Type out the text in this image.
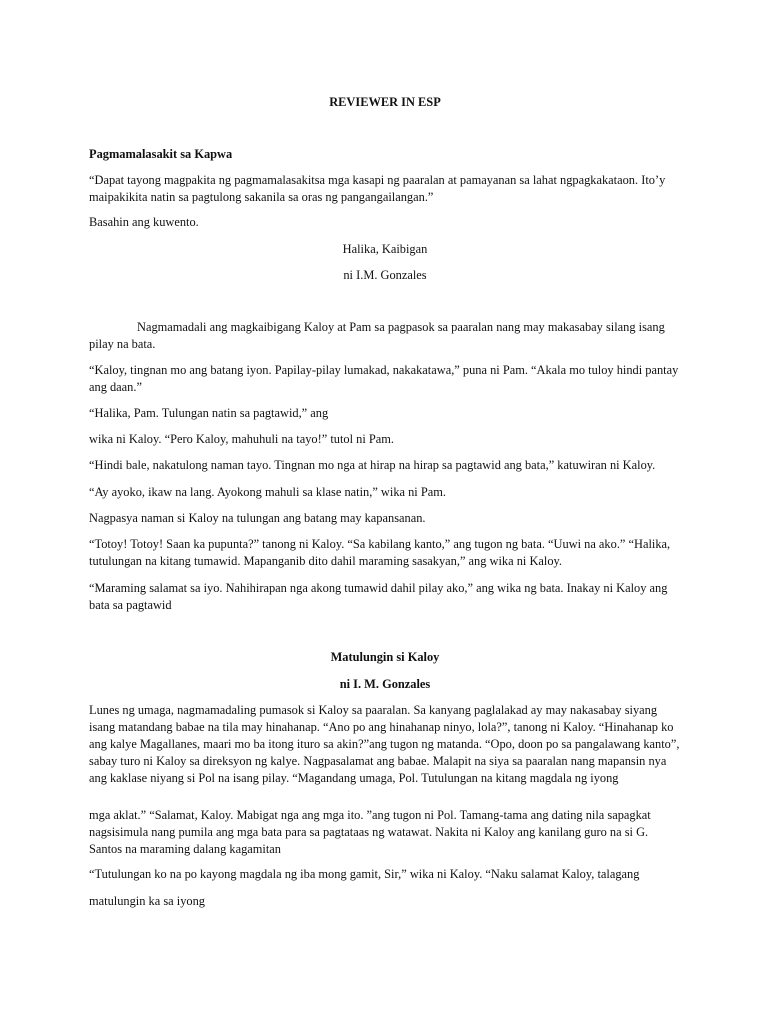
REVIEWER IN ESP

Pagmamalasakit sa Kapwa

“Dapat tayong magpakita ng pagmamalasakitsa mga kasapi ng paaralan at pamayanan sa lahat ngpagkakataon. Ito’y maipakikita natin sa pagtulong sakanila sa oras ng pangangailangan.”

Basahin ang kuwento.

Halika, Kaibigan

ni I.M. Gonzales

Nagmamadali ang magkaibigang Kaloy at Pam sa pagpasok sa paaralan nang may makasabay silang isang pilay na bata.

“Kaloy, tingnan mo ang batang iyon. Papilay-pilay lumakad, nakakatawa,” puna ni Pam. “Akala mo tuloy hindi pantay ang daan.”

“Halika, Pam. Tulungan natin sa pagtawid,” ang

wika ni Kaloy. “Pero Kaloy, mahuhuli na tayo!” tutol ni Pam.

“Hindi bale, nakatulong naman tayo. Tingnan mo nga at hirap na hirap sa pagtawid ang bata,” katuwiran ni Kaloy.

“Ay ayoko, ikaw na lang. Ayokong mahuli sa klase natin,” wika ni Pam.

Nagpasya naman si Kaloy na tulungan ang batang may kapansanan.

“Totoy! Totoy! Saan ka pupunta?” tanong ni Kaloy. “Sa kabilang kanto,” ang tugon ng bata. “Uuwi na ako.” “Halika, tutulungan na kitang tumawid. Mapanganib dito dahil maraming sasakyan,” ang wika ni Kaloy.

“Maraming salamat sa iyo. Nahihirapan nga akong tumawid dahil pilay ako,” ang wika ng bata. Inakay ni Kaloy ang bata sa pagtawid

Matulungin si Kaloy

ni I. M. Gonzales

Lunes ng umaga, nagmamadaling pumasok si Kaloy sa paaralan. Sa kanyang paglalakad ay may nakasabay siyang isang matandang babae na tila may hinahanap. “Ano po ang hinahanap ninyo, lola?”, tanong ni Kaloy. “Hinahanap ko ang kalye Magallanes, maari mo ba itong ituro sa akin?”ang tugon ng matanda. “Opo, doon po sa pangalawang kanto”, sabay turo ni Kaloy sa direksyon ng kalye. Nagpasalamat ang babae. Malapit na siya sa paaralan nang mapansin nya ang kaklase niyang si Pol na isang pilay. “Magandang umaga, Pol. Tutulungan na kitang magdala ng iyong

mga aklat.” “Salamat, Kaloy. Mabigat nga ang mga ito. ”ang tugon ni Pol. Tamang-tama ang dating nila sapagkat nagsisimula nang pumila ang mga bata para sa pagtataas ng watawat. Nakita ni Kaloy ang kanilang guro na si G. Santos na maraming dalang kagamitan

“Tutulungan ko na po kayong magdala ng iba mong gamit, Sir,” wika ni Kaloy. “Naku salamat Kaloy, talagang

matulungin ka sa iyong
